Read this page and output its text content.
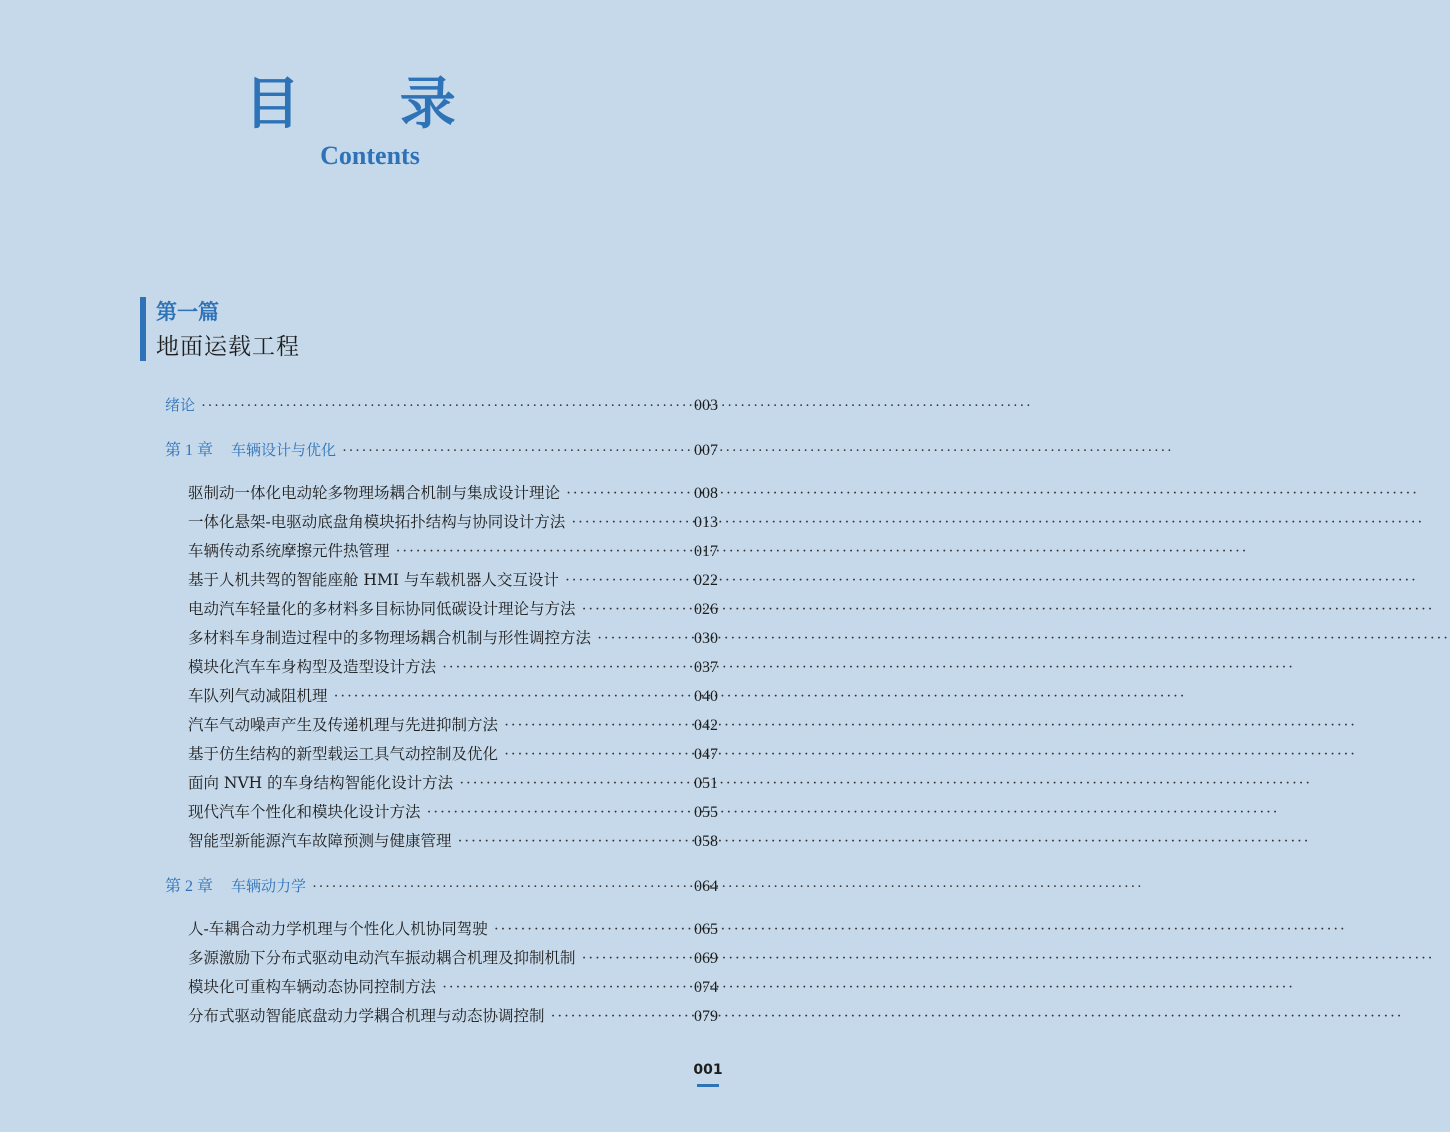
目 录
Contents
第一篇
地面运载工程
绪论 ·····	003
第 1 章 车辆设计与优化 ·····	007
驱制动一体化电动轮多物理场耦合机制与集成设计理论 ·····	008
一体化悬架-电驱动底盘角模块拓扑结构与协同设计方法 ·····	013
车辆传动系统摩擦元件热管理 ·····	017
基于人机共驾的智能座舱 HMI 与车载机器人交互设计 ·····	022
电动汽车轻量化的多材料多目标协同低碳设计理论与方法 ·····	026
多材料车身制造过程中的多物理场耦合机制与形性调控方法 ·····	030
模块化汽车车身构型及造型设计方法 ·····	037
车队列气动减阻机理 ·····	040
汽车气动噪声产生及传递机理与先进抑制方法 ·····	042
基于仿生结构的新型载运工具气动控制及优化 ·····	047
面向 NVH 的车身结构智能化设计方法 ·····	051
现代汽车个性化和模块化设计方法 ·····	055
智能型新能源汽车故障预测与健康管理 ·····	058
第 2 章 车辆动力学 ·····	064
人-车耦合动力学机理与个性化人机协同驾驶 ·····	065
多源激励下分布式驱动电动汽车振动耦合机理及抑制机制 ·····	069
模块化可重构车辆动态协同控制方法 ·····	074
分布式驱动智能底盘动力学耦合机理与动态协调控制 ·····	079
001
